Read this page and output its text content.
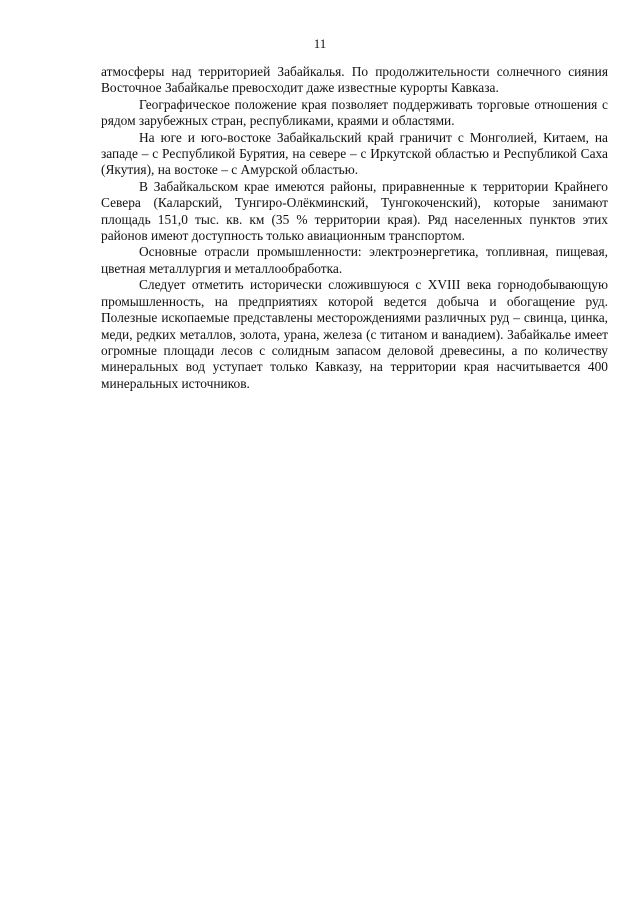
11

атмосферы над территорией Забайкалья. По продолжительности солнечного сияния Восточное Забайкалье превосходит даже известные курорты Кавказа.

Географическое положение края позволяет поддерживать торговые отношения с рядом зарубежных стран, республиками, краями и областями.

На юге и юго-востоке Забайкальский край граничит с Монголией, Китаем, на западе – с Республикой Бурятия, на севере – с Иркутской областью и Республикой Саха (Якутия), на востоке – с Амурской областью.

В Забайкальском крае имеются районы, приравненные к территории Крайнего Севера (Каларский, Тунгиро-Олёкминский, Тунгокоченский), которые занимают площадь 151,0 тыс. кв. км (35 % территории края). Ряд населенных пунктов этих районов имеют доступность только авиационным транспортом.

Основные отрасли промышленности: электроэнергетика, топливная, пищевая, цветная металлургия и металлообработка.

Следует отметить исторически сложившуюся с XVIII века горнодобывающую промышленность, на предприятиях которой ведется добыча и обогащение руд. Полезные ископаемые представлены месторождениями различных руд – свинца, цинка, меди, редких металлов, золота, урана, железа (с титаном и ванадием). Забайкалье имеет огромные площади лесов с солидным запасом деловой древесины, а по количеству минеральных вод уступает только Кавказу, на территории края насчитывается 400 минеральных источников.
